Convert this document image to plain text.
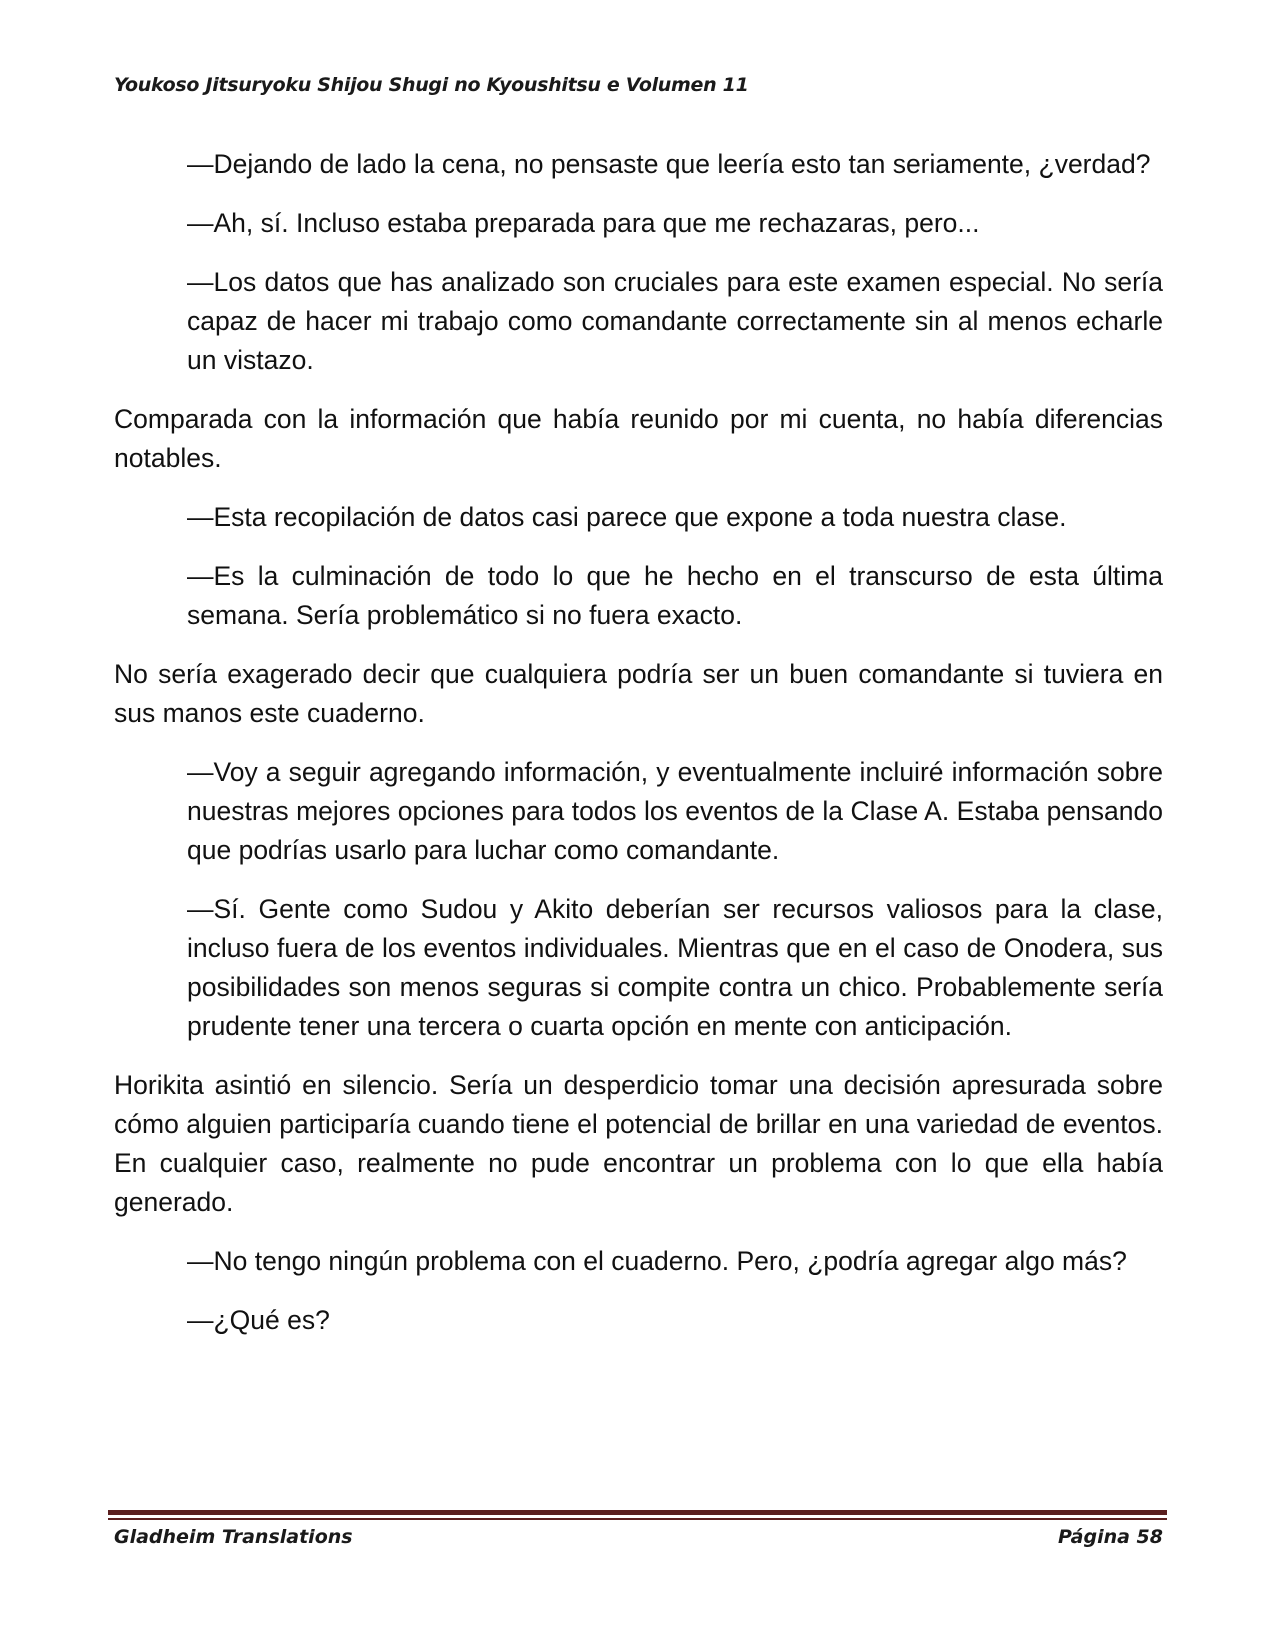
Youkoso Jitsuryoku Shijou Shugi no Kyoushitsu e Volumen 11

—Dejando de lado la cena, no pensaste que leería esto tan seriamente, ¿verdad?

—Ah, sí. Incluso estaba preparada para que me rechazaras, pero...

—Los datos que has analizado son cruciales para este examen especial. No sería capaz de hacer mi trabajo como comandante correctamente sin al menos echarle un vistazo.

Comparada con la información que había reunido por mi cuenta, no había diferencias notables.

—Esta recopilación de datos casi parece que expone a toda nuestra clase.

—Es la culminación de todo lo que he hecho en el transcurso de esta última semana. Sería problemático si no fuera exacto.

No sería exagerado decir que cualquiera podría ser un buen comandante si tuviera en sus manos este cuaderno.

—Voy a seguir agregando información, y eventualmente incluiré información sobre nuestras mejores opciones para todos los eventos de la Clase A. Estaba pensando que podrías usarlo para luchar como comandante.

—Sí. Gente como Sudou y Akito deberían ser recursos valiosos para la clase, incluso fuera de los eventos individuales. Mientras que en el caso de Onodera, sus posibilidades son menos seguras si compite contra un chico. Probablemente sería prudente tener una tercera o cuarta opción en mente con anticipación.

Horikita asintió en silencio. Sería un desperdicio tomar una decisión apresurada sobre cómo alguien participaría cuando tiene el potencial de brillar en una variedad de eventos. En cualquier caso, realmente no pude encontrar un problema con lo que ella había generado.

—No tengo ningún problema con el cuaderno. Pero, ¿podría agregar algo más?

—¿Qué es?

Gladheim Translations	Página 58
